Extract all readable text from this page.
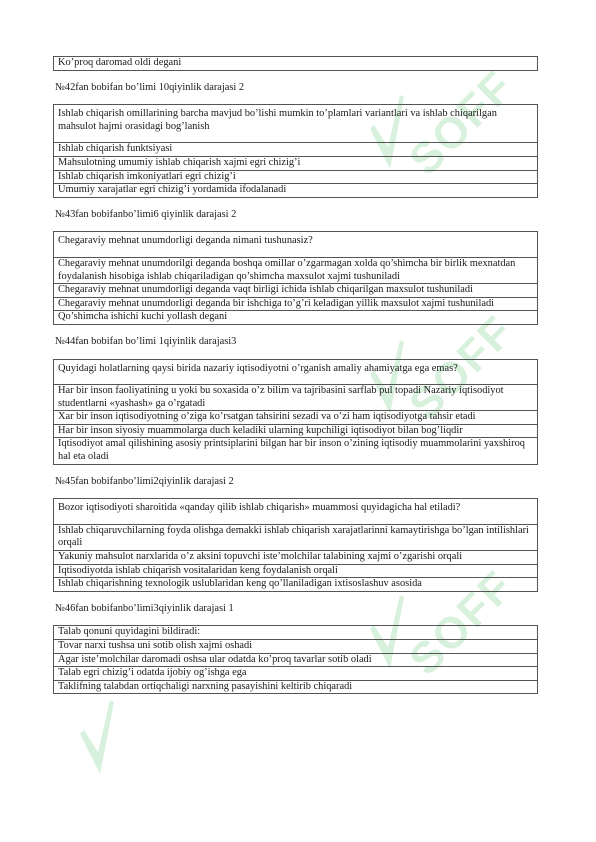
SOFF
SOFF
SOFF
Ko’proq daromad oldi degani
№42fan bobifan bo’limi 10qiyinlik darajasi 2
Ishlab chiqarish omillarining barcha mavjud bo’lishi mumkin to’plamlari variantlari va ishlab chiqarilgan mahsulot hajmi orasidagi bog’lanish
Ishlab chiqarish funktsiyasi
Mahsulotning umumiy ishlab chiqarish xajmi egri chizig’i
Ishlab chiqarish imkoniyatlari egri chizig’i
Umumiy xarajatlar egri chizig’i yordamida ifodalanadi
№43fan bobifanbo’limi6 qiyinlik darajasi 2
Chegaraviy mehnat unumdorligi deganda nimani tushunasiz?
Chegaraviy mehnat unumdorilgi deganda boshqa omillar o’zgarmagan xolda qo’shimcha bir birlik mexnatdan foydalanish hisobiga ishlab chiqariladigan qo’shimcha maxsulot xajmi tushuniladi
Chegaraviy mehnat unumdorligi deganda vaqt birligi ichida ishlab chiqarilgan maxsulot tushuniladi
Chegaraviy mehnat unumdorligi deganda bir ishchiga to’g’ri keladigan yillik maxsulot xajmi tushuniladi
Qo’shimcha ishichi kuchi yollash degani
№44fan bobifan bo’limi 1qiyinlik darajasi3
Quyidagi holatlarning qaysi birida nazariy iqtisodiyotni o’rganish amaliy ahamiyatga ega emas?
Har bir inson faoliyatining u yoki bu soxasida o’z bilim va tajribasini sarflab pul topadi Nazariy iqtisodiyot studentlarni «yashash» ga o’rgatadi
Xar bir inson iqtisodiyotning o’ziga ko’rsatgan tahsirini sezadi va o’zi ham iqtisodiyotga tahsir etadi
Har bir inson siyosiy muammolarga duch keladiki ularning kupchiligi iqtisodiyot bilan bog’liqdir
Iqtisodiyot amal qilishining asosiy printsiplarini bilgan har bir inson o’zining iqtisodiy muammolarini yaxshiroq hal eta oladi
№45fan bobifanbo’limi2qiyinlik darajasi 2
Bozor iqtisodiyoti sharoitida «qanday qilib ishlab chiqarish» muammosi quyidagicha hal etiladi?
Ishlab chiqaruvchilarning foyda olishga demakki ishlab chiqarish xarajatlarinni kamaytirishga bo’lgan intilishlari orqali
Yakuniy mahsulot narxlarida o’z aksini topuvchi iste’molchilar talabining xajmi o’zgarishi orqali
Iqtisodiyotda ishlab chiqarish vositalaridan keng foydalanish orqali
Ishlab chiqarishning texnologik uslublaridan keng qo’llaniladigan ixtisoslashuv asosida
№46fan bobifanbo’limi3qiyinlik darajasi 1
Talab qonuni quyidagini bildiradi:
Tovar narxi tushsa uni sotib olish xajmi oshadi
Agar iste’molchilar daromadi oshsa ular odatda ko’proq tavarlar sotib oladi
Talab egri chizig’i odatda ijobiy og’ishga ega
Taklifning talabdan ortiqchaligi narxning pasayishini keltirib chiqaradi
